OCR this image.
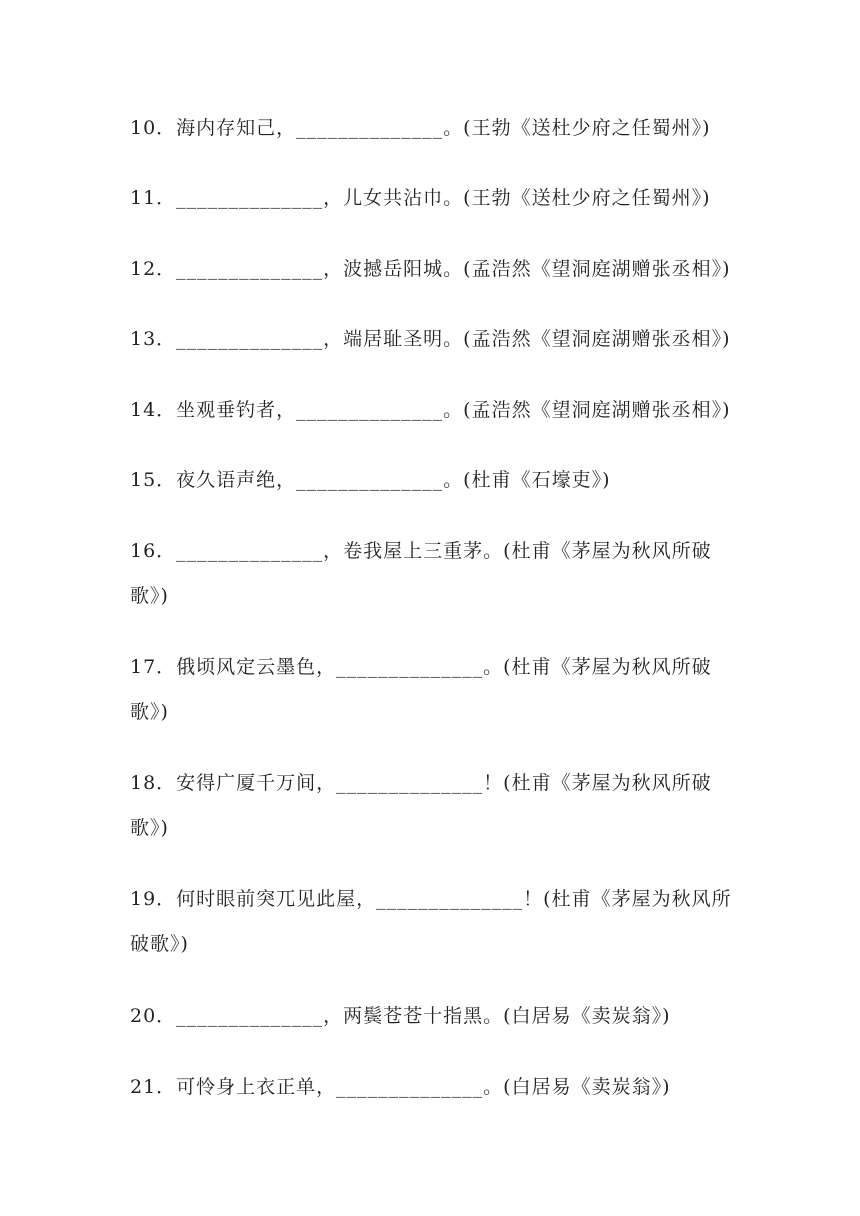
10．海内存知己，______________。(王勃《送杜少府之任蜀州》)
11．______________，儿女共沾巾。(王勃《送杜少府之任蜀州》)
12．______________，波撼岳阳城。(孟浩然《望洞庭湖赠张丞相》)
13．______________，端居耻圣明。(孟浩然《望洞庭湖赠张丞相》)
14．坐观垂钓者，______________。(孟浩然《望洞庭湖赠张丞相》)
15．夜久语声绝，______________。(杜甫《石壕吏》)
16．______________，卷我屋上三重茅。(杜甫《茅屋为秋风所破歌》)
17．俄顷风定云墨色，______________。(杜甫《茅屋为秋风所破歌》)
18．安得广厦千万间，______________！(杜甫《茅屋为秋风所破歌》)
19．何时眼前突兀见此屋，______________！(杜甫《茅屋为秋风所破歌》)
20．______________，两鬓苍苍十指黑。(白居易《卖炭翁》)
21．可怜身上衣正单，______________。(白居易《卖炭翁》)
